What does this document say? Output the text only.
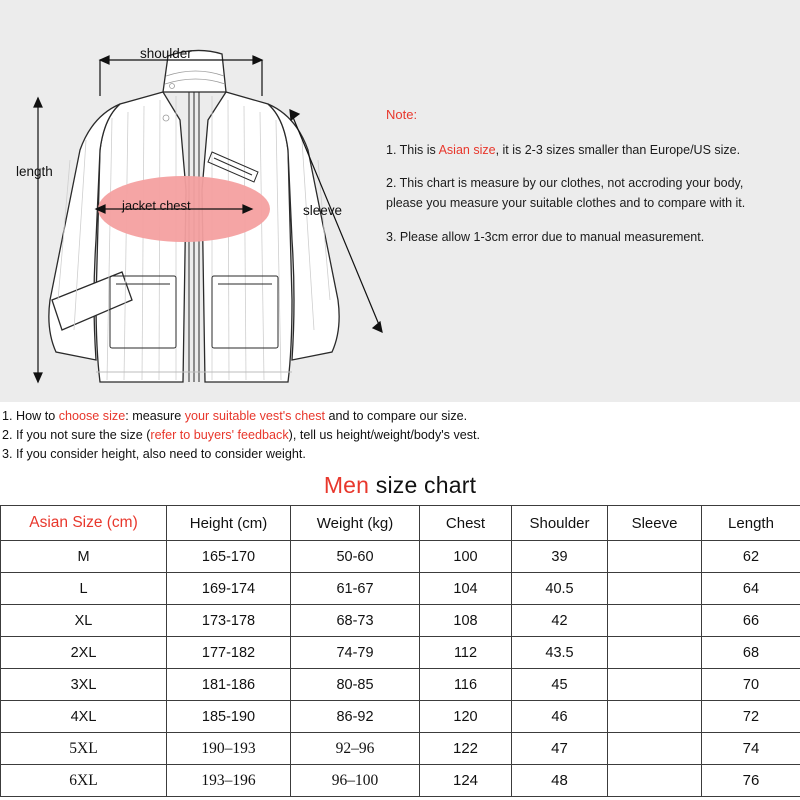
shoulder
length
sleeve
jacket chest
Note:
1. This is Asian size, it is 2-3 sizes smaller than Europe/US size.
2. This chart is measure by our clothes, not accroding your body,
please you measure your suitable clothes and to compare with it.
3. Please allow 1-3cm error due to manual measurement.
1. How to choose size: measure your suitable vest's chest and to compare our size.
2. If you not sure the size (refer to buyers' feedback), tell us height/weight/body's vest.
3. If you consider height, also need to consider weight.
Men size chart
Asian Size (cm)	Height (cm)	Weight (kg)	Chest	Shoulder	Sleeve	Length
M	165-170	50-60	100	39		62
L	169-174	61-67	104	40.5		64
XL	173-178	68-73	108	42		66
2XL	177-182	74-79	112	43.5		68
3XL	181-186	80-85	116	45		70
4XL	185-190	86-92	120	46		72
5XL	190–193	92–96	122	47		74
6XL	193–196	96–100	124	48		76
